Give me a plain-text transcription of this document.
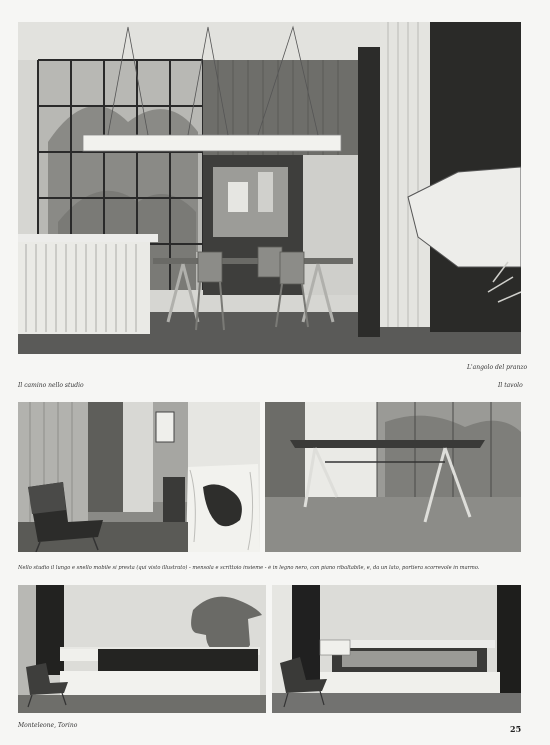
L'angolo del pranzo
Il camino nello studio	Il tavolo
Nello studio il lungo e snello mobile si presta (qui visto illustrato) - mensola e scrittoio insieme - è in legno nero, con piano ribaltabile, e, da un lato, portiera scorrevole in marmo.
Monteleone, Torino	25
